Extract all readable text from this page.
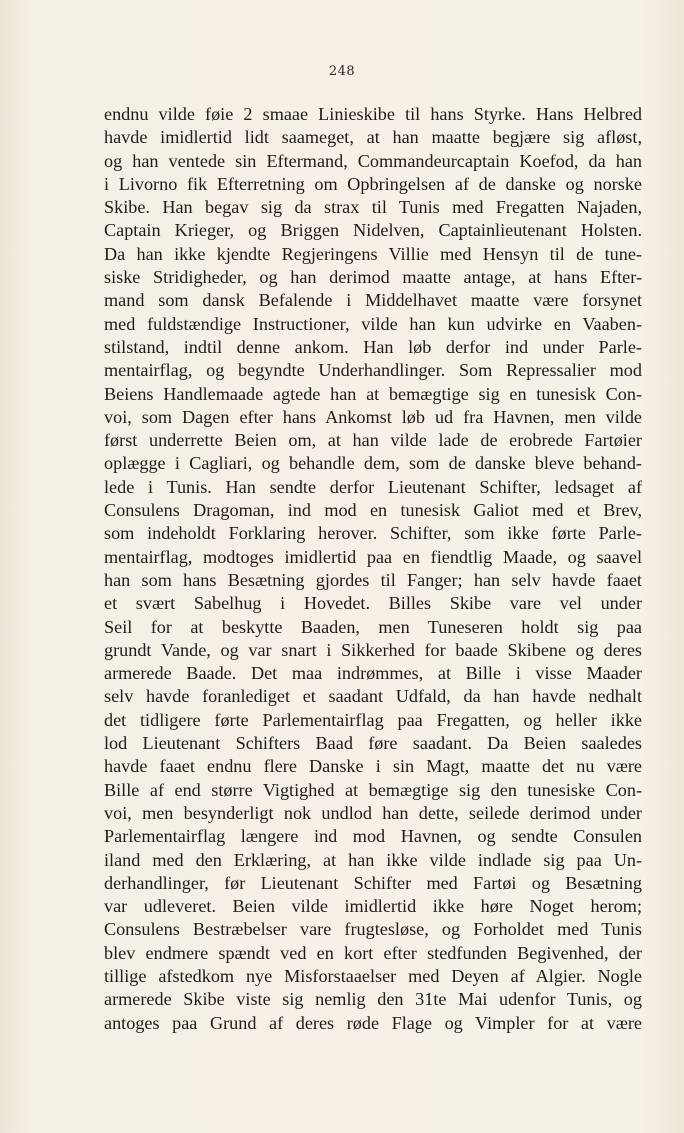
248
endnu vilde føie 2 smaae Linieskibe til hans Styrke. Hans Helbred
havde imidlertid lidt saameget, at han maatte begjære sig afløst,
og han ventede sin Eftermand, Commandeurcaptain Koefod, da han
i Livorno fik Efterretning om Opbringelsen af de danske og norske
Skibe. Han begav sig da strax til Tunis med Fregatten Najaden,
Captain Krieger, og Briggen Nidelven, Captainlieutenant Holsten.
Da han ikke kjendte Regjeringens Villie med Hensyn til de tune-
siske Stridigheder, og han derimod maatte antage, at hans Efter-
mand som dansk Befalende i Middelhavet maatte være forsynet
med fuldstændige Instructioner, vilde han kun udvirke en Vaaben-
stilstand, indtil denne ankom. Han løb derfor ind under Parle-
mentairflag, og begyndte Underhandlinger. Som Repressalier mod
Beiens Handlemaade agtede han at bemægtige sig en tunesisk Con-
voi, som Dagen efter hans Ankomst løb ud fra Havnen, men vilde
først underrette Beien om, at han vilde lade de erobrede Fartøier
oplægge i Cagliari, og behandle dem, som de danske bleve behand-
lede i Tunis. Han sendte derfor Lieutenant Schifter, ledsaget af
Consulens Dragoman, ind mod en tunesisk Galiot med et Brev,
som indeholdt Forklaring herover. Schifter, som ikke førte Parle-
mentairflag, modtoges imidlertid paa en fiendtlig Maade, og saavel
han som hans Besætning gjordes til Fanger; han selv havde faaet
et svært Sabelhug i Hovedet. Billes Skibe vare vel under
Seil for at beskytte Baaden, men Tuneseren holdt sig paa
grundt Vande, og var snart i Sikkerhed for baade Skibene og deres
armerede Baade. Det maa indrømmes, at Bille i visse Maader
selv havde foranlediget et saadant Udfald, da han havde nedhalt
det tidligere førte Parlementairflag paa Fregatten, og heller ikke
lod Lieutenant Schifters Baad føre saadant. Da Beien saaledes
havde faaet endnu flere Danske i sin Magt, maatte det nu være
Bille af end større Vigtighed at bemægtige sig den tunesiske Con-
voi, men besynderligt nok undlod han dette, seilede derimod under
Parlementairflag længere ind mod Havnen, og sendte Consulen
iland med den Erklæring, at han ikke vilde indlade sig paa Un-
derhandlinger, før Lieutenant Schifter med Fartøi og Besætning
var udleveret. Beien vilde imidlertid ikke høre Noget herom;
Consulens Bestræbelser vare frugtesløse, og Forholdet med Tunis
blev endmere spændt ved en kort efter stedfunden Begivenhed, der
tillige afstedkom nye Misforstaaelser med Deyen af Algier. Nogle
armerede Skibe viste sig nemlig den 31te Mai udenfor Tunis, og
antoges paa Grund af deres røde Flage og Vimpler for at være
